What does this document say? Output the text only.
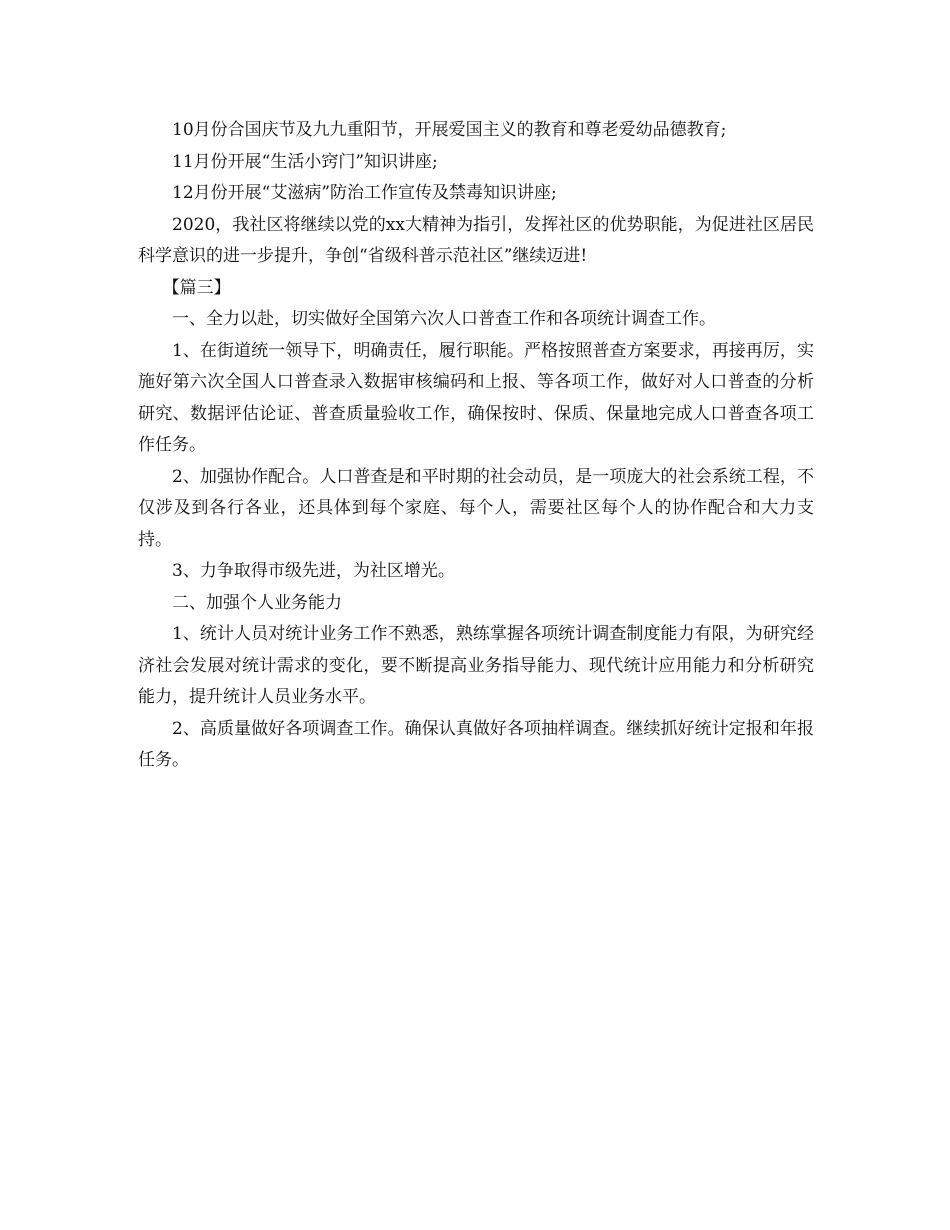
10月份合国庆节及九九重阳节，开展爱国主义的教育和尊老爱幼品德教育;

11月份开展“生活小窍门”知识讲座;

12月份开展“艾滋病”防治工作宣传及禁毒知识讲座;

2020，我社区将继续以党的xx大精神为指引，发挥社区的优势职能，为促进社区居民科学意识的进一步提升，争创“省级科普示范社区”继续迈进!

【篇三】

一、全力以赴，切实做好全国第六次人口普查工作和各项统计调查工作。

1、在街道统一领导下，明确责任，履行职能。严格按照普查方案要求，再接再厉，实施好第六次全国人口普查录入数据审核编码和上报、等各项工作，做好对人口普查的分析研究、数据评估论证、普查质量验收工作，确保按时、保质、保量地完成人口普查各项工作任务。

2、加强协作配合。人口普查是和平时期的社会动员，是一项庞大的社会系统工程，不仅涉及到各行各业，还具体到每个家庭、每个人，需要社区每个人的协作配合和大力支持。

3、力争取得市级先进，为社区增光。

二、加强个人业务能力

1、统计人员对统计业务工作不熟悉，熟练掌握各项统计调查制度能力有限，为研究经济社会发展对统计需求的变化，要不断提高业务指导能力、现代统计应用能力和分析研究能力，提升统计人员业务水平。

2、高质量做好各项调查工作。确保认真做好各项抽样调查。继续抓好统计定报和年报任务。
